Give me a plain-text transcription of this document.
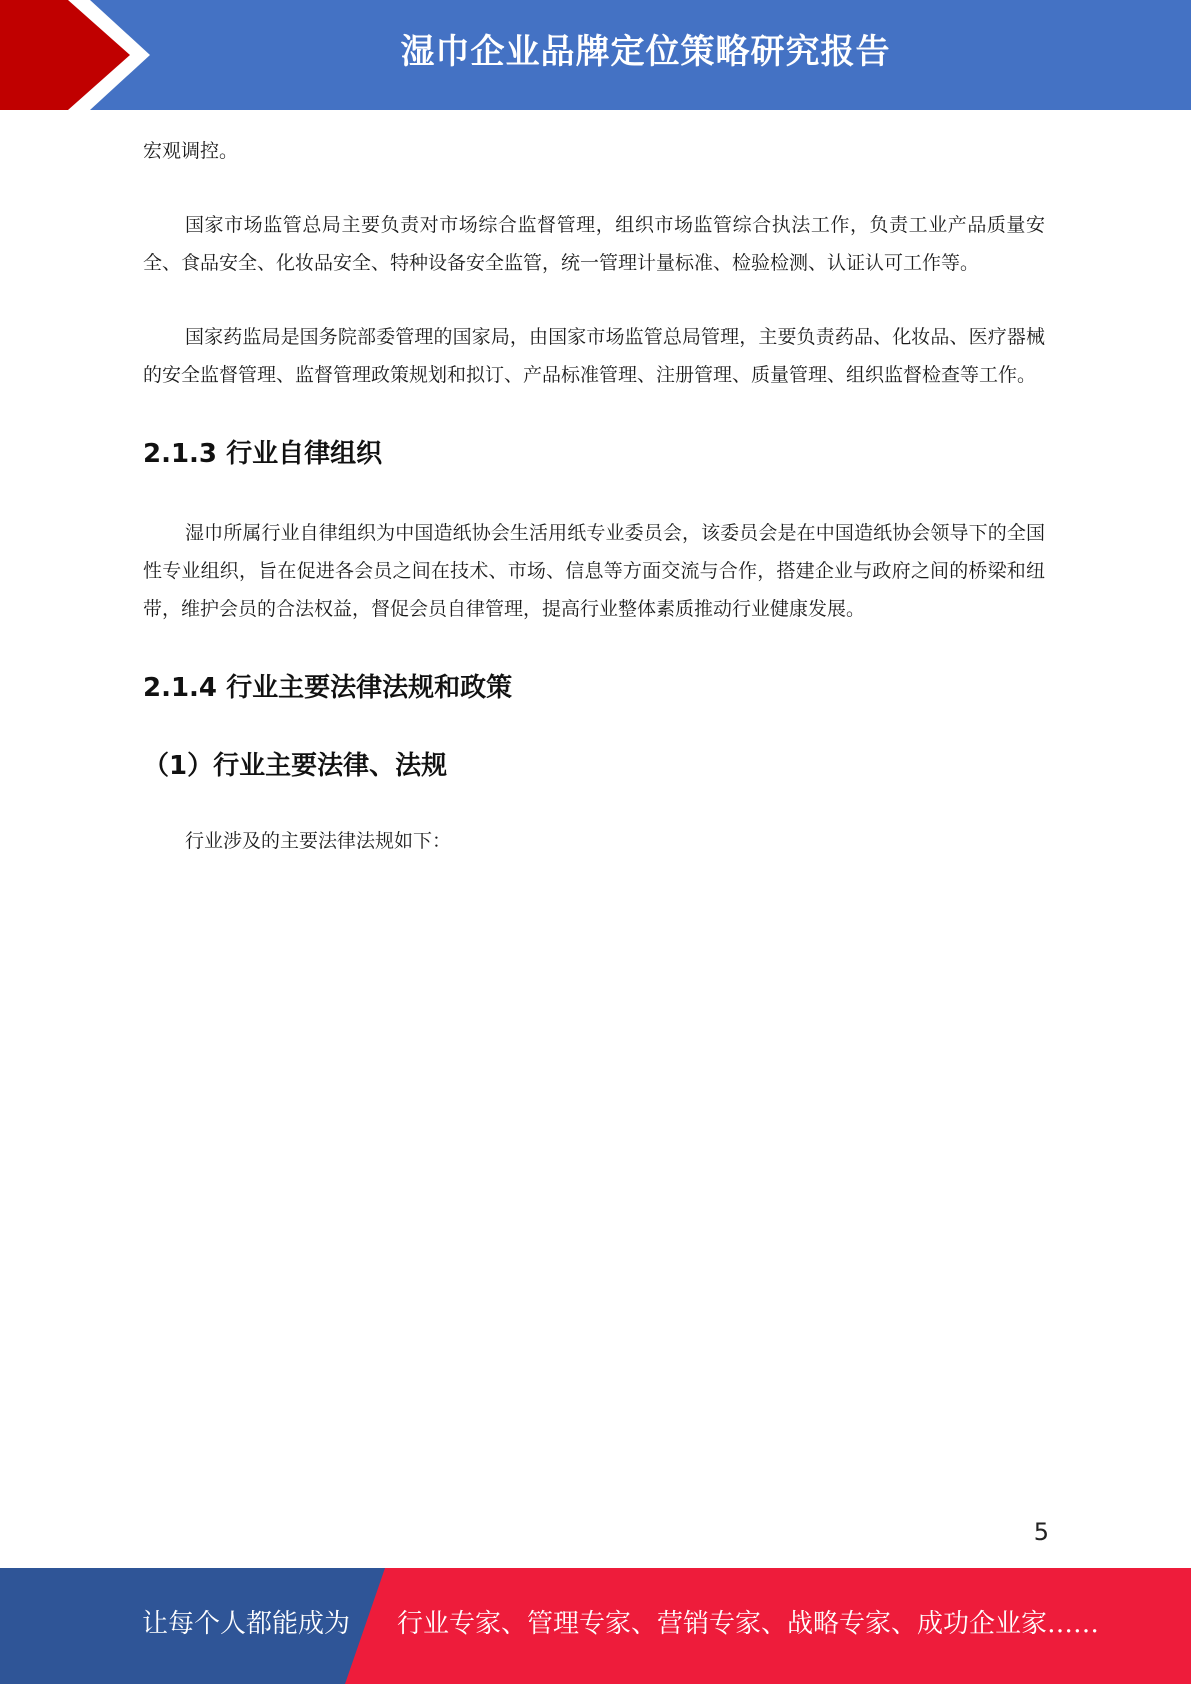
湿巾企业品牌定位策略研究报告

宏观调控。

国家市场监管总局主要负责对市场综合监督管理，组织市场监管综合执法工作，负责工业产品质量安全、食品安全、化妆品安全、特种设备安全监管，统一管理计量标准、检验检测、认证认可工作等。

国家药监局是国务院部委管理的国家局，由国家市场监管总局管理，主要负责药品、化妆品、医疗器械的安全监督管理、监督管理政策规划和拟订、产品标准管理、注册管理、质量管理、组织监督检查等工作。

2.1.3 行业自律组织

湿巾所属行业自律组织为中国造纸协会生活用纸专业委员会，该委员会是在中国造纸协会领导下的全国性专业组织，旨在促进各会员之间在技术、市场、信息等方面交流与合作，搭建企业与政府之间的桥梁和纽带，维护会员的合法权益，督促会员自律管理，提高行业整体素质推动行业健康发展。

2.1.4 行业主要法律法规和政策
（1）行业主要法律、法规

行业涉及的主要法律法规如下：

5
让每个人都能成为 行业专家、管理专家、营销专家、战略专家、成功企业家……
